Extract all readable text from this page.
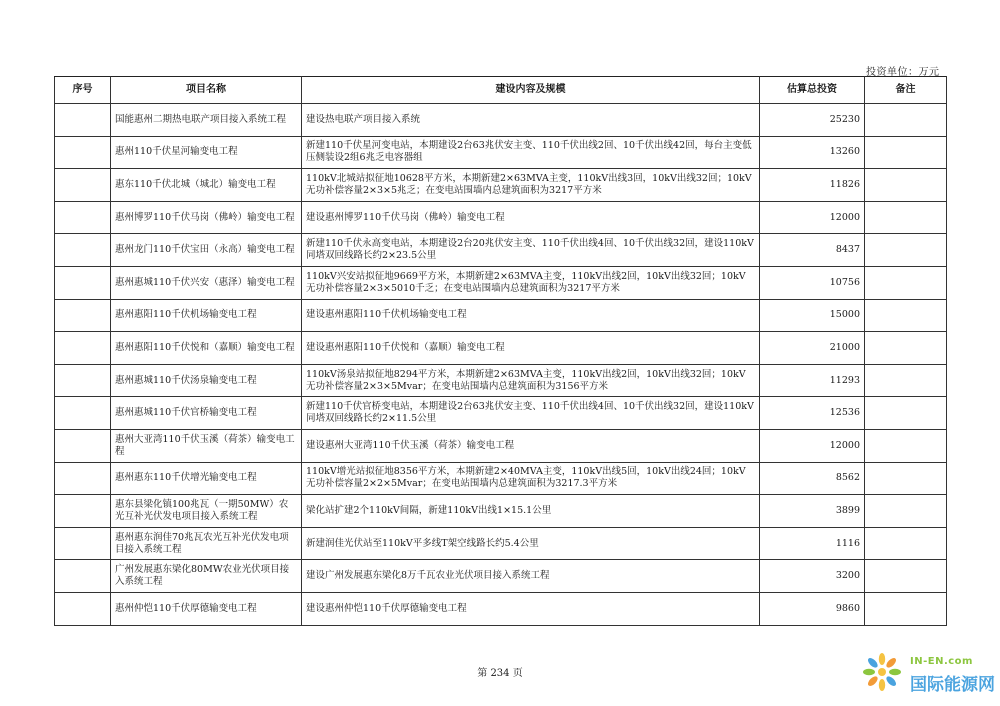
投资单位：万元
序号	项目名称	建设内容及规模	估算总投资	备注
	国能惠州二期热电联产项目接入系统工程	建设热电联产项目接入系统	25230	
	惠州110千伏星河输变电工程	新建110千伏星河变电站，本期建设2台63兆伏安主变、110千伏出线2回、10千伏出线42回，每台主变低压侧装设2组6兆乏电容器组	13260	
	惠东110千伏北城（城北）输变电工程	110kV北城站拟征地10628平方米，本期新建2×63MVA主变，110kV出线3回，10kV出线32回；10kV无功补偿容量2×3×5兆乏；在变电站围墙内总建筑面积为3217平方米	11826	
	惠州博罗110千伏马岗（佛岭）输变电工程	建设惠州博罗110千伏马岗（佛岭）输变电工程	12000	
	惠州龙门110千伏宝田（永高）输变电工程	新建110千伏永高变电站，本期建设2台20兆伏安主变、110千伏出线4回、10千伏出线32回，建设110kV同塔双回线路长约2×23.5公里	8437	
	惠州惠城110千伏兴安（惠泽）输变电工程	110kV兴安站拟征地9669平方米，本期新建2×63MVA主变，110kV出线2回，10kV出线32回；10kV无功补偿容量2×3×5010千乏；在变电站围墙内总建筑面积为3217平方米	10756	
	惠州惠阳110千伏机场输变电工程	建设惠州惠阳110千伏机场输变电工程	15000	
	惠州惠阳110千伏悦和（嘉顺）输变电工程	建设惠州惠阳110千伏悦和（嘉顺）输变电工程	21000	
	惠州惠城110千伏汤泉输变电工程	110kV汤泉站拟征地8294平方米，本期新建2×63MVA主变，110kV出线2回，10kV出线32回；10kV无功补偿容量2×3×5Mvar；在变电站围墙内总建筑面积为3156平方米	11293	
	惠州惠城110千伏官桥输变电工程	新建110千伏官桥变电站，本期建设2台63兆伏安主变、110千伏出线4回、10千伏出线32回，建设110kV同塔双回线路长约2×11.5公里	12536	
	惠州大亚湾110千伏玉溪（荷茶）输变电工程	建设惠州大亚湾110千伏玉溪（荷茶）输变电工程	12000	
	惠州惠东110千伏增光输变电工程	110kV增光站拟征地8356平方米，本期新建2×40MVA主变，110kV出线5回，10kV出线24回；10kV无功补偿容量2×2×5Mvar；在变电站围墙内总建筑面积为3217.3平方米	8562	
	惠东县梁化镇100兆瓦（一期50MW）农光互补光伏发电项目接入系统工程	梁化站扩建2个110kV间隔，新建110kV出线1×15.1公里	3899	
	惠州惠东润佳70兆瓦农光互补光伏发电项目接入系统工程	新建润佳光伏站至110kV平多线T架空线路长约5.4公里	1116	
	广州发展惠东梁化80MW农业光伏项目接入系统工程	建设广州发展惠东梁化8万千瓦农业光伏项目接入系统工程	3200	
	惠州仲恺110千伏厚德输变电工程	建设惠州仲恺110千伏厚德输变电工程	9860	
第 234 页
IN-EN.com
国际能源网
